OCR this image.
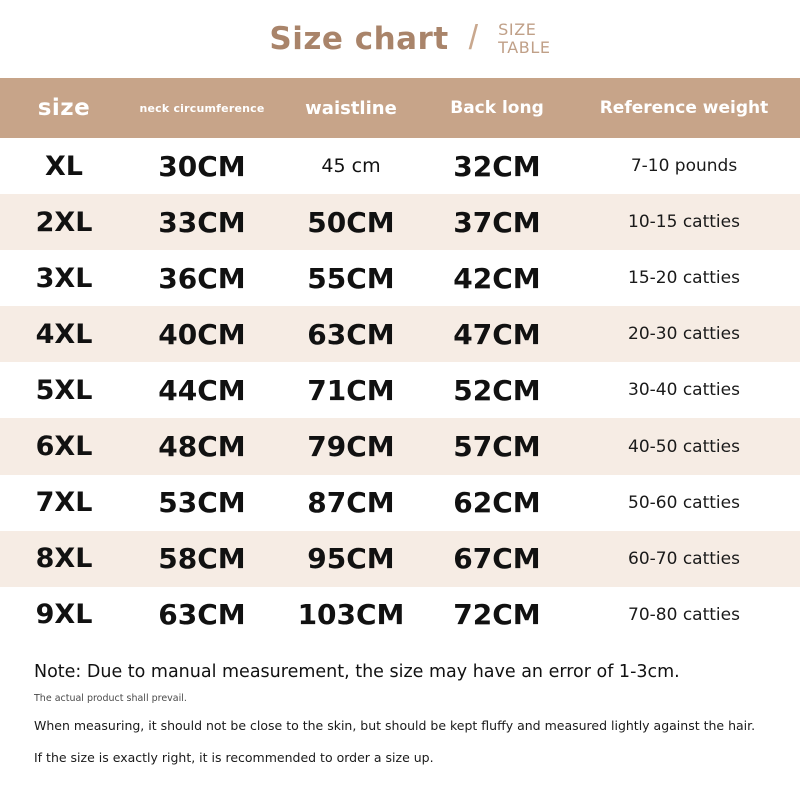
Size chart / SIZE
TABLE
size	neck circumference	waistline	Back long	Reference weight
XL	30CM	45 cm	32CM	7-10 pounds
2XL	33CM	50CM	37CM	10-15 catties
3XL	36CM	55CM	42CM	15-20 catties
4XL	40CM	63CM	47CM	20-30 catties
5XL	44CM	71CM	52CM	30-40 catties
6XL	48CM	79CM	57CM	40-50 catties
7XL	53CM	87CM	62CM	50-60 catties
8XL	58CM	95CM	67CM	60-70 catties
9XL	63CM	103CM	72CM	70-80 catties
Note: Due to manual measurement, the size may have an error of 1-3cm.
The actual product shall prevail.
When measuring, it should not be close to the skin, but should be kept fluffy and measured lightly against the hair.
If the size is exactly right, it is recommended to order a size up.
